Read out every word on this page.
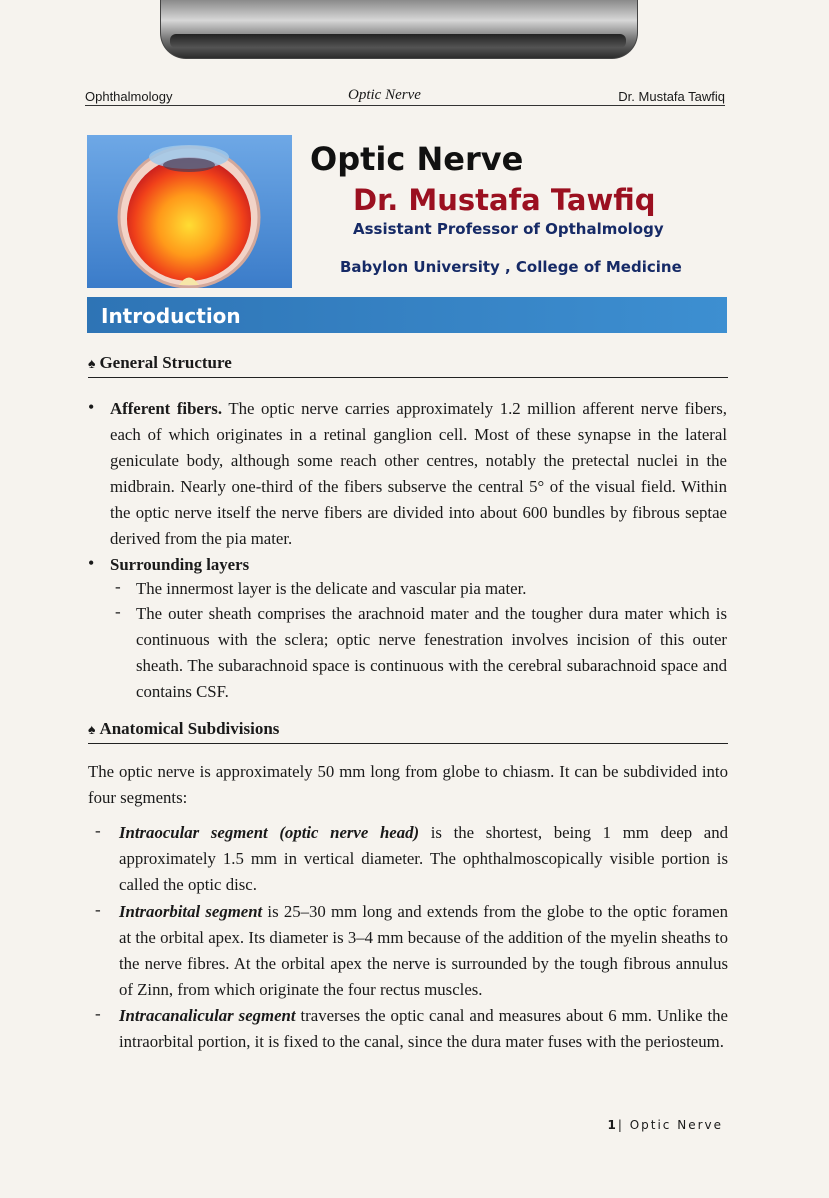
Ophthalmology	Optic Nerve	Dr. Mustafa Tawfiq
Optic Nerve
Dr. Mustafa Tawfiq
Assistant Professor of Opthalmology
Babylon University , College of Medicine
Introduction
♠ General Structure
• Afferent fibers. The optic nerve carries approximately 1.2 million afferent nerve fibers, each of which originates in a retinal ganglion cell. Most of these synapse in the lateral geniculate body, although some reach other centres, notably the pretectal nuclei in the midbrain. Nearly one-third of the fibers subserve the central 5° of the visual field. Within the optic nerve itself the nerve fibers are divided into about 600 bundles by fibrous septae derived from the pia mater.
• Surrounding layers
- The innermost layer is the delicate and vascular pia mater.
- The outer sheath comprises the arachnoid mater and the tougher dura mater which is continuous with the sclera; optic nerve fenestration involves incision of this outer sheath. The subarachnoid space is continuous with the cerebral subarachnoid space and contains CSF.
♠ Anatomical Subdivisions
The optic nerve is approximately 50 mm long from globe to chiasm. It can be subdivided into four segments:
- Intraocular segment (optic nerve head) is the shortest, being 1 mm deep and approximately 1.5 mm in vertical diameter. The ophthalmoscopically visible portion is called the optic disc.
- Intraorbital segment is 25–30 mm long and extends from the globe to the optic foramen at the orbital apex. Its diameter is 3–4 mm because of the addition of the myelin sheaths to the nerve fibres. At the orbital apex the nerve is surrounded by the tough fibrous annulus of Zinn, from which originate the four rectus muscles.
- Intracanalicular segment traverses the optic canal and measures about 6 mm. Unlike the intraorbital portion, it is fixed to the canal, since the dura mater fuses with the periosteum.
1| Optic Nerve
